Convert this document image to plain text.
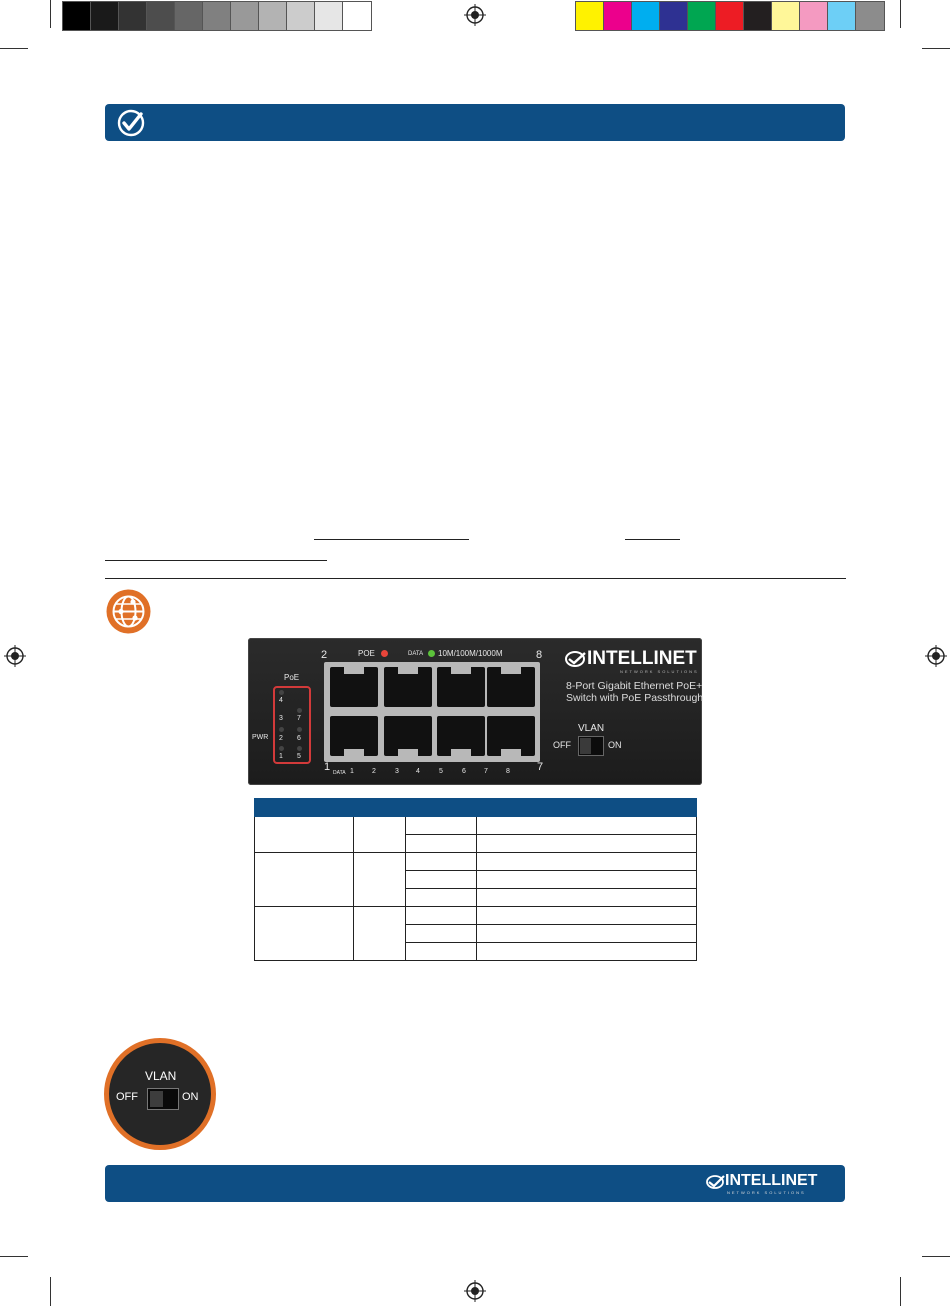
PoE
PWR
4
3
2
1
7
6
5
2	POE	DATA 10M/100M/1000M	8
1 DATA 1	2	3 4	5	6	7	8 7
INTELLINET
NETWORK SOLUTIONS
8-Port Gigabit Ethernet PoE+
Switch with PoE Passthrough
VLAN
OFF	ON

VLAN
OFF	ON
INTELLINET
NETWORK SOLUTIONS
